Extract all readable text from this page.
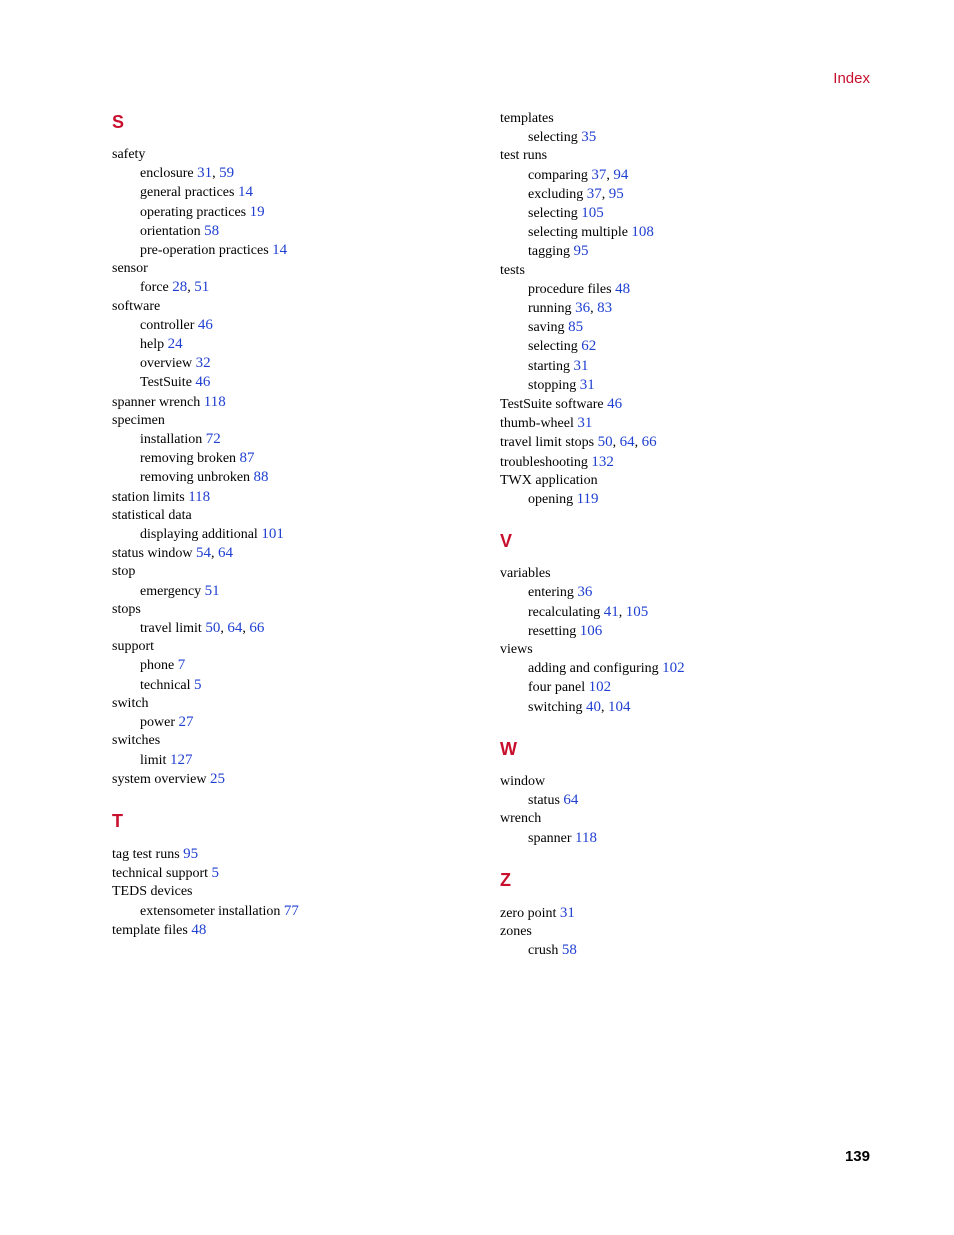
Index
S
safety
enclosure 31, 59
general practices 14
operating practices 19
orientation 58
pre-operation practices 14
sensor
force 28, 51
software
controller 46
help 24
overview 32
TestSuite 46
spanner wrench 118
specimen
installation 72
removing broken 87
removing unbroken 88
station limits 118
statistical data
displaying additional 101
status window 54, 64
stop
emergency 51
stops
travel limit 50, 64, 66
support
phone 7
technical 5
switch
power 27
switches
limit 127
system overview 25
T
tag test runs 95
technical support 5
TEDS devices
extensometer installation 77
template files 48
templates
selecting 35
test runs
comparing 37, 94
excluding 37, 95
selecting 105
selecting multiple 108
tagging 95
tests
procedure files 48
running 36, 83
saving 85
selecting 62
starting 31
stopping 31
TestSuite software 46
thumb-wheel 31
travel limit stops 50, 64, 66
troubleshooting 132
TWX application
opening 119
V
variables
entering 36
recalculating 41, 105
resetting 106
views
adding and configuring 102
four panel 102
switching 40, 104
W
window
status 64
wrench
spanner 118
Z
zero point 31
zones
crush 58
139
